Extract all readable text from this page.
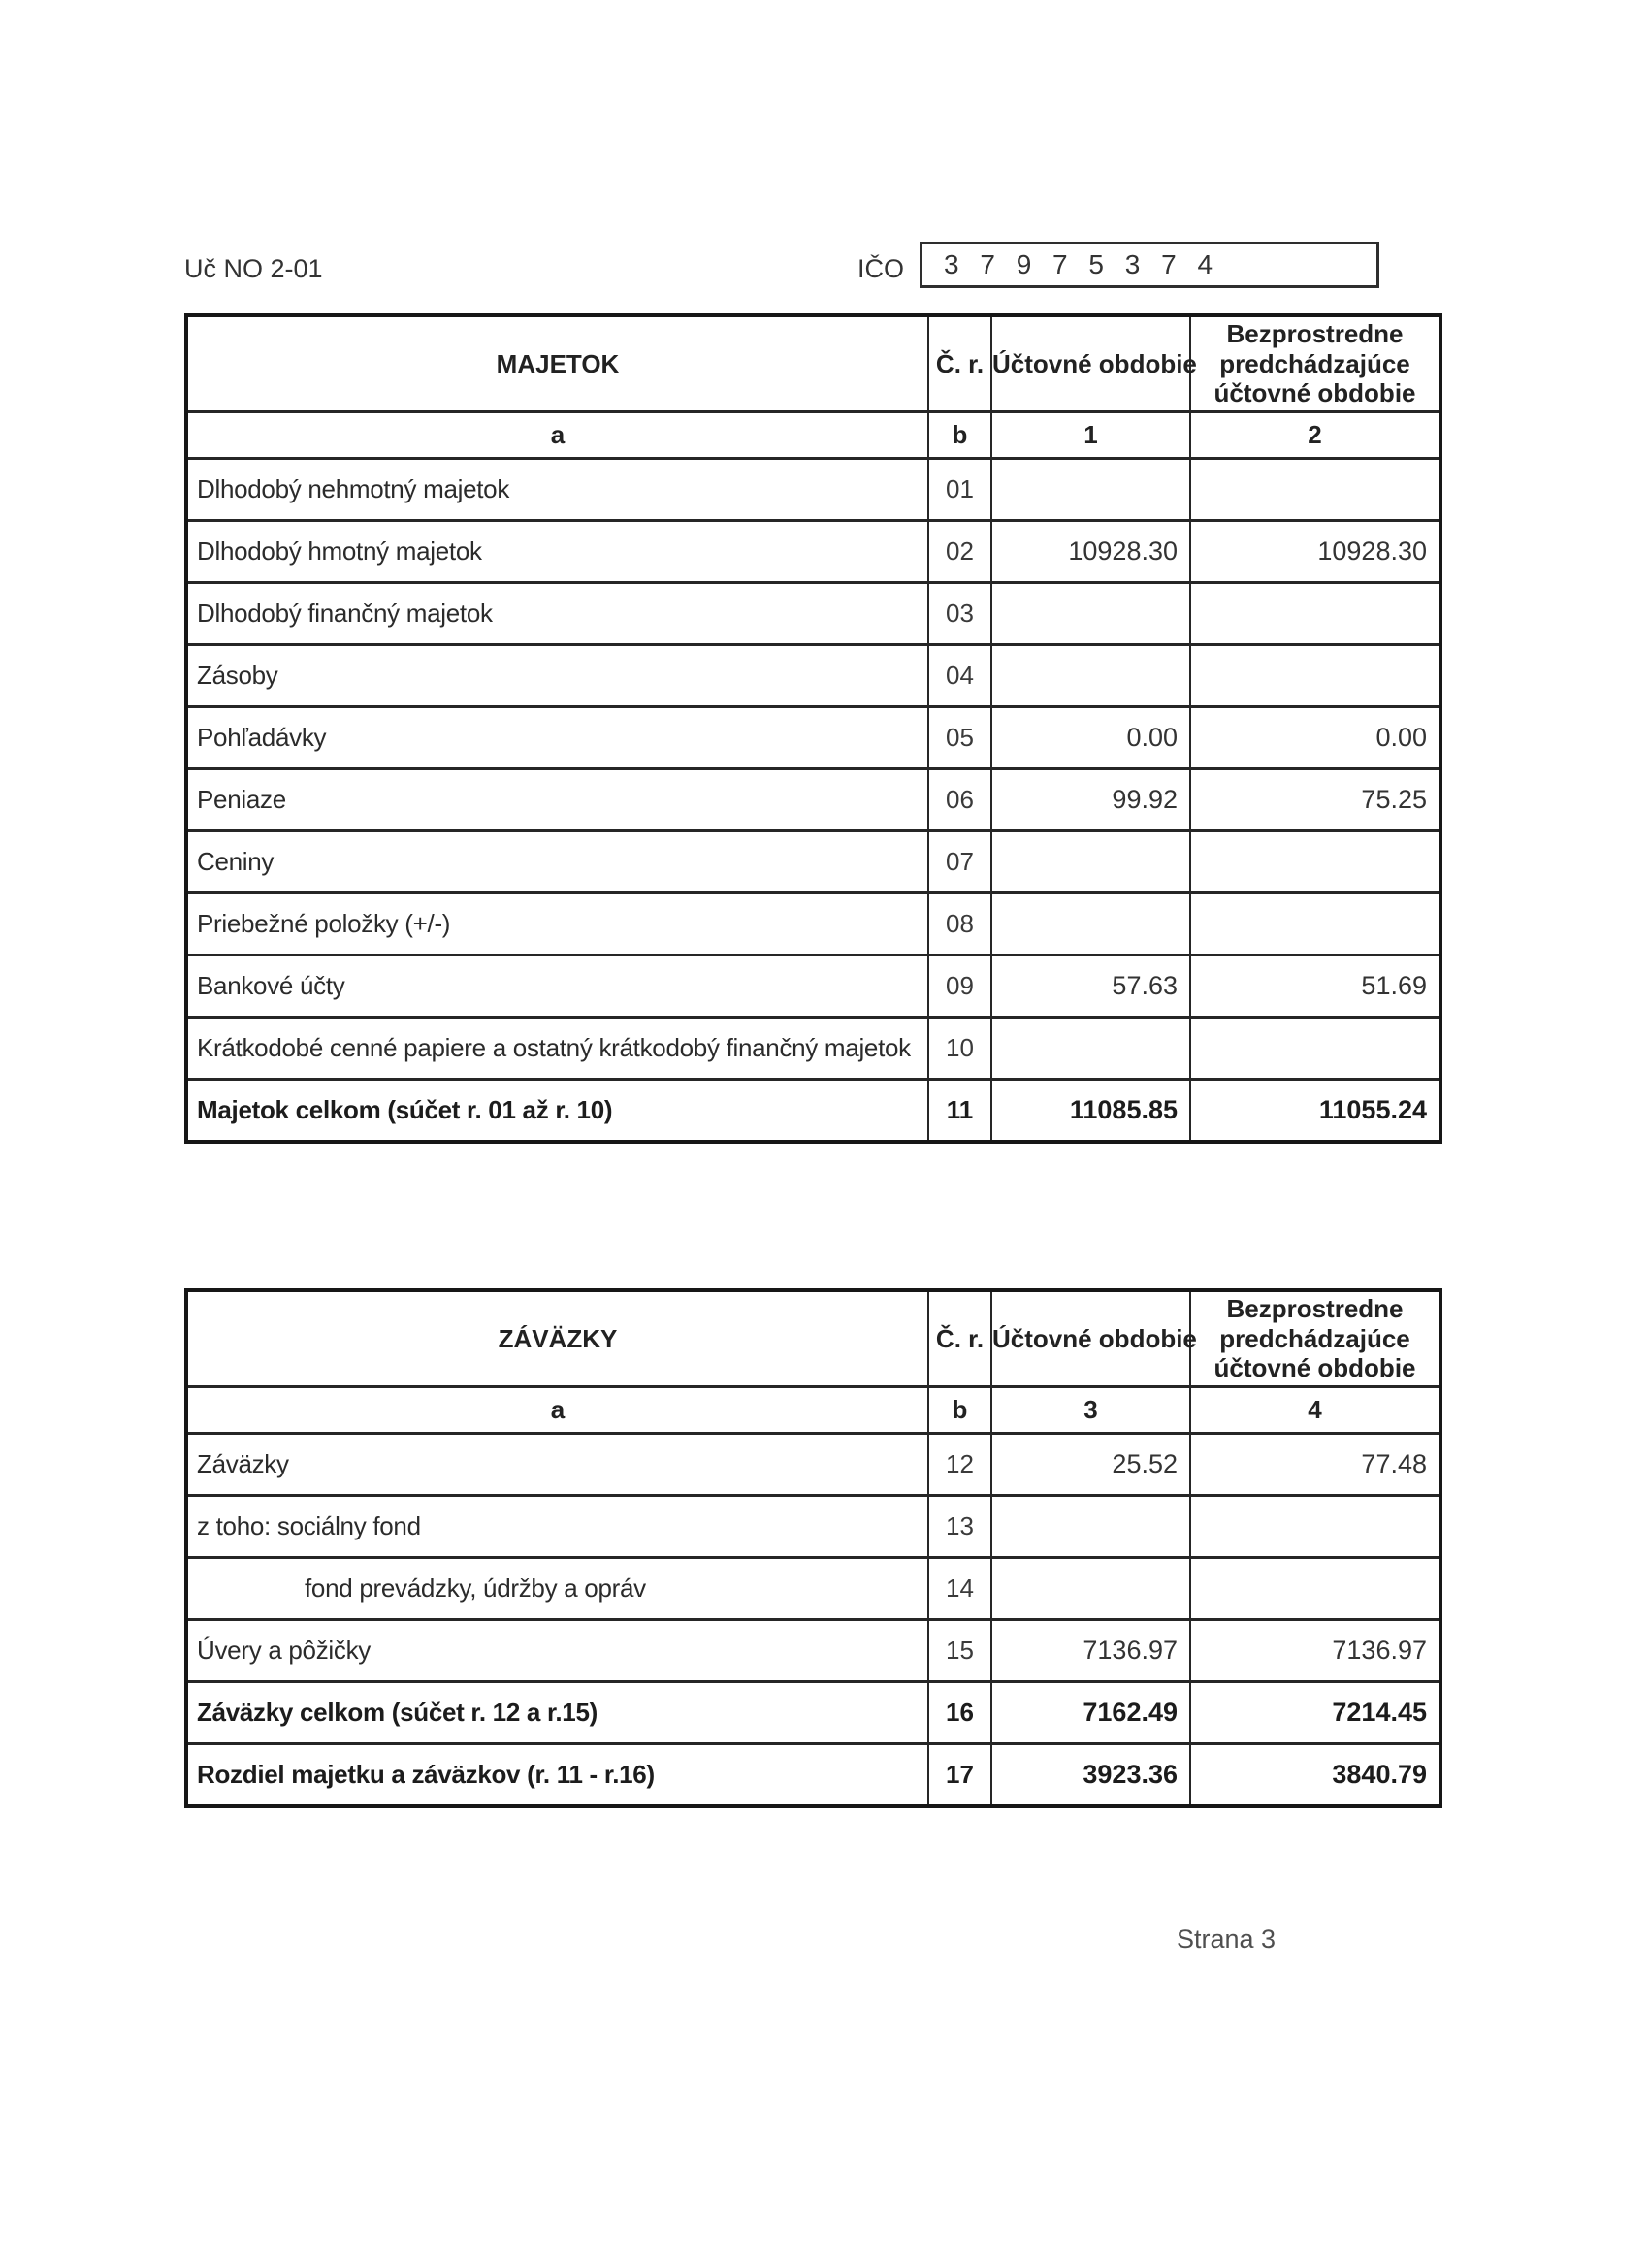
Uč NO 2-01	IČO	3 7 9 7 5 3 7 4
MAJETOK	Č. r.	Účtovné obdobie	Bezprostredne predchádzajúce účtovné obdobie
a	b	1	2
Dlhodobý nehmotný majetok	01		
Dlhodobý hmotný majetok	02	10928.30	10928.30
Dlhodobý finančný majetok	03		
Zásoby	04		
Pohľadávky	05	0.00	0.00
Peniaze	06	99.92	75.25
Ceniny	07		
Priebežné položky (+/-)	08		
Bankové účty	09	57.63	51.69
Krátkodobé cenné papiere a ostatný krátkodobý finančný majetok	10		
Majetok celkom (súčet r. 01 až r. 10)	11	11085.85	11055.24
ZÁVÄZKY	Č. r.	Účtovné obdobie	Bezprostredne predchádzajúce účtovné obdobie
a	b	3	4
Záväzky	12	25.52	77.48
z toho: sociálny fond	13		
fond prevádzky, údržby a opráv	14		
Úvery a pôžičky	15	7136.97	7136.97
Záväzky celkom (súčet r. 12 a r.15)	16	7162.49	7214.45
Rozdiel majetku a záväzkov (r. 11 - r.16)	17	3923.36	3840.79
Strana 3
